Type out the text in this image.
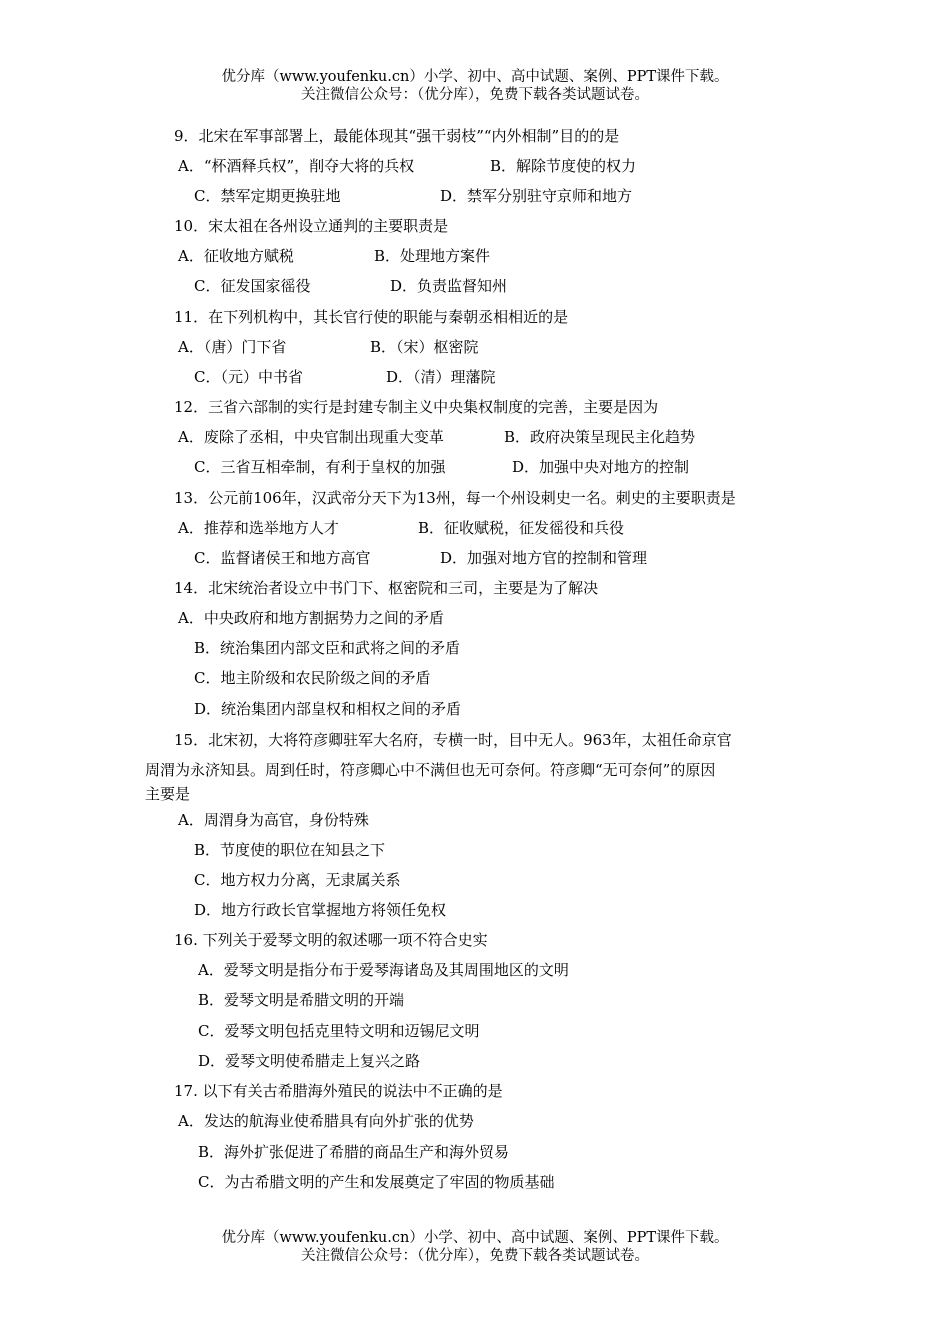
优分库（www.youfenku.cn）小学、初中、高中试题、案例、PPT课件下载。
关注微信公众号：（优分库），免费下载各类试题试卷。
9．北宋在军事部署上，最能体现其“强干弱枝”“内外相制”目的的是
A．“杯酒释兵权”，削夺大将的兵权	B．解除节度使的权力
C．禁军定期更换驻地	D．禁军分别驻守京师和地方
10．宋太祖在各州设立通判的主要职责是
A．征收地方赋税	B．处理地方案件
C．征发国家徭役	D．负责监督知州
11．在下列机构中，其长官行使的职能与秦朝丞相相近的是
A．（唐）门下省	B．（宋）枢密院
C．（元）中书省	D．（清）理藩院
12．三省六部制的实行是封建专制主义中央集权制度的完善，主要是因为
A．废除了丞相，中央官制出现重大变革	B．政府决策呈现民主化趋势
C．三省互相牵制，有利于皇权的加强	D．加强中央对地方的控制
13．公元前106年，汉武帝分天下为13州，每一个州设刺史一名。刺史的主要职责是
A．推荐和选举地方人才	B．征收赋税，征发徭役和兵役
C．监督诸侯王和地方高官	D．加强对地方官的控制和管理
14．北宋统治者设立中书门下、枢密院和三司，主要是为了解决
A．中央政府和地方割据势力之间的矛盾
B．统治集团内部文臣和武将之间的矛盾
C．地主阶级和农民阶级之间的矛盾
D．统治集团内部皇权和相权之间的矛盾
15．北宋初，大将符彦卿驻军大名府，专横一时，目中无人。963年，太祖任命京官
周渭为永济知县。周到任时，符彦卿心中不满但也无可奈何。符彦卿“无可奈何”的原因
主要是
A．周渭身为高官，身份特殊
B．节度使的职位在知县之下
C．地方权力分离，无隶属关系
D．地方行政长官掌握地方将领任免权
16. 下列关于爱琴文明的叙述哪一项不符合史实
A．爱琴文明是指分布于爱琴海诸岛及其周围地区的文明
B．爱琴文明是希腊文明的开端
C．爱琴文明包括克里特文明和迈锡尼文明
D．爱琴文明使希腊走上复兴之路
17. 以下有关古希腊海外殖民的说法中不正确的是
A．发达的航海业使希腊具有向外扩张的优势
B．海外扩张促进了希腊的商品生产和海外贸易
C．为古希腊文明的产生和发展奠定了牢固的物质基础
优分库（www.youfenku.cn）小学、初中、高中试题、案例、PPT课件下载。
关注微信公众号：（优分库），免费下载各类试题试卷。
